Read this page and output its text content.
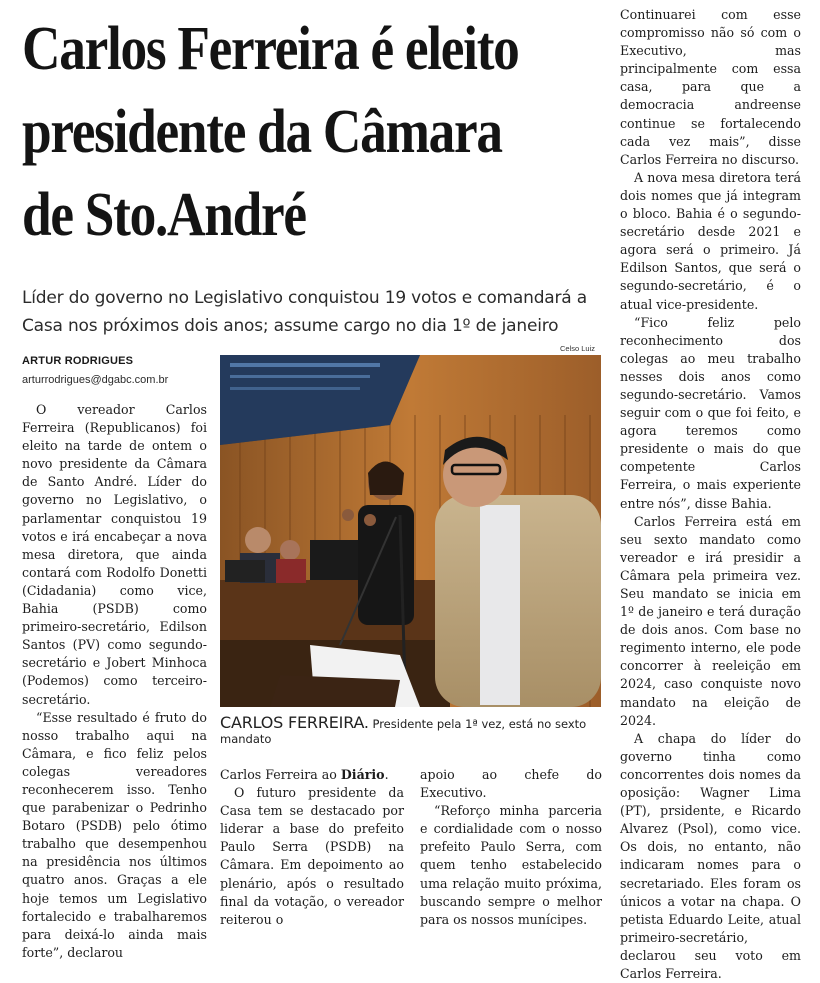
Carlos Ferreira é eleito presidente da Câmara de Sto.André
Líder do governo no Legislativo conquistou 19 votos e comandará a Casa nos próximos dois anos; assume cargo no dia 1º de janeiro
ARTUR RODRIGUES
arturrodrigues@dgabc.com.br

O vereador Carlos Ferreira (Republicanos) foi eleito na tarde de ontem o novo presidente da Câmara de Santo André. Líder do governo no Legislativo, o parlamentar conquistou 19 votos e irá encabeçar a nova mesa diretora, que ainda contará com Rodolfo Donetti (Cidadania) como vice, Bahia (PSDB) como primeiro-secretário, Edilson Santos (PV) como segundo-secretário e Jobert Minhoca (Podemos) como terceiro-secretário.

“Esse resultado é fruto do nosso trabalho aqui na Câmara, e fico feliz pelos colegas vereadores reconhecerem isso. Tenho que parabenizar o Pedrinho Botaro (PSDB) pelo ótimo trabalho que desempenhou na presidência nos últimos quatro anos. Graças a ele hoje temos um Legislativo fortalecido e trabalharemos para deixá-lo ainda mais forte”, declarou

Celso Luiz
CARLOS FERREIRA. Presidente pela 1ª vez, está no sexto mandato

Carlos Ferreira ao Diário.

O futuro presidente da Casa tem se destacado por liderar a base do prefeito Paulo Serra (PSDB) na Câmara. Em depoimento ao plenário, após o resultado final da votação, o vereador reiterou o

apoio ao chefe do Executivo.

“Reforço minha parceria e cordialidade com o nosso prefeito Paulo Serra, com quem tenho estabelecido uma relação muito próxima, buscando sempre o melhor para os nossos munícipes.

Continuarei com esse compromisso não só com o Executivo, mas principalmente com essa casa, para que a democracia andreense continue se fortalecendo cada vez mais”, disse Carlos Ferreira no discurso.

A nova mesa diretora terá dois nomes que já integram o bloco. Bahia é o segundo-secretário desde 2021 e agora será o primeiro. Já Edilson Santos, que será o segundo-secretário, é o atual vice-presidente.

“Fico feliz pelo reconhecimento dos colegas ao meu trabalho nesses dois anos como segundo-secretário. Vamos seguir com o que foi feito, e agora teremos como presidente o mais do que competente Carlos Ferreira, o mais experiente entre nós”, disse Bahia.

Carlos Ferreira está em seu sexto mandato como vereador e irá presidir a Câmara pela primeira vez. Seu mandato se inicia em 1º de janeiro e terá duração de dois anos. Com base no regimento interno, ele pode concorrer à reeleição em 2024, caso conquiste novo mandato na eleição de 2024.

A chapa do líder do governo tinha como concorrentes dois nomes da oposição: Wagner Lima (PT), prsidente, e Ricardo Alvarez (Psol), como vice. Os dois, no entanto, não indicaram nomes para o secretariado. Eles foram os únicos a votar na chapa. O petista Eduardo Leite, atual primeiro-secretário, declarou seu voto em Carlos Ferreira.
